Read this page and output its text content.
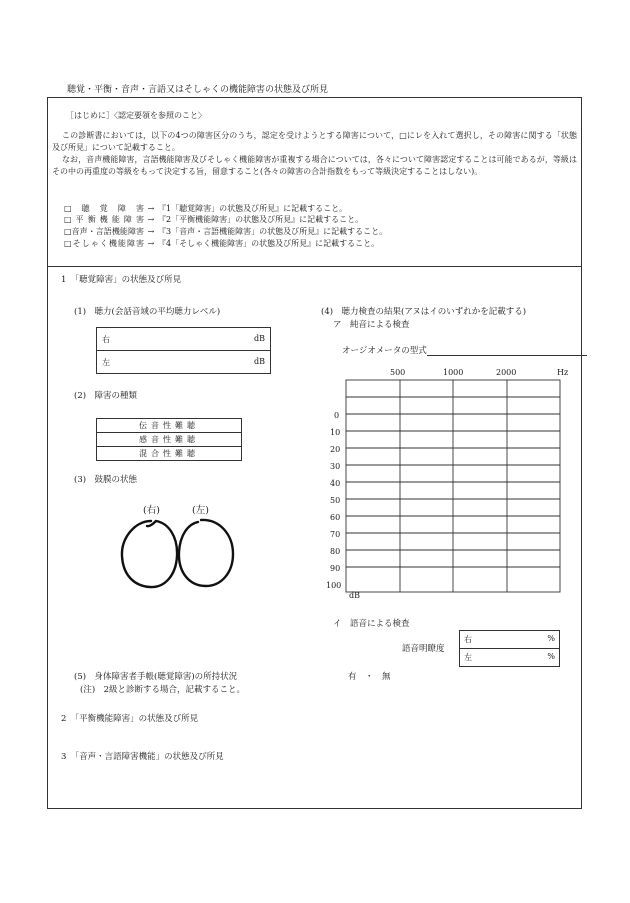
聴覚・平衡・音声・言語又はそしゃくの機能障害の状態及び所見
［はじめに］〈認定要領を参照のこと〉
この診断書においては，以下の4つの障害区分のうち，認定を受けようとする障害について，□にレを入れて選択し，その障害に関する「状態及び所見」について記載すること。
なお，音声機能障害，言語機能障害及びそしゃく機能障害が重複する場合については，各々について障害認定することは可能であるが，等級はその中の再重度の等級をもって決定する旨，留意すること(各々の障害の合計指数をもって等級決定することはしない)。
□聴覚障害 → 『1「聴覚障害」の状態及び所見』に記載すること。
□平衡機能障害 → 『2「平衡機能障害」の状態及び所見』に記載すること。
□音声・言語機能障害 → 『3「音声・言語機能障害」の状態及び所見』に記載すること。
□そしゃく機能障害 → 『4「そしゃく機能障害」の状態及び所見』に記載すること。
1　「聴覚障害」の状態及び所見
(1)　聴力(会話音域の平均聴力レベル)
右	dB

左	dB
(2)　障害の種類
伝音性難聴
感音性難聴
混合性難聴
(3)　鼓膜の状態
(右)	(左)
(4)　聴力検査の結果(アヌはイのいずれかを記載する)
ア　純音による検査
オージオメータの型式
500	1000	2000	Hz
0
10
20
30
40
50
60
70
80
90
100
dB
イ　語音による検査
語音明瞭度
右	%

左	%
(5)　身体障害者手帳(聴覚障害)の所持状況	有　・　無
(注)　2級と診断する場合，記載すること。
2　「平衡機能障害」の状態及び所見
3　「音声・言語障害機能」の状態及び所見
